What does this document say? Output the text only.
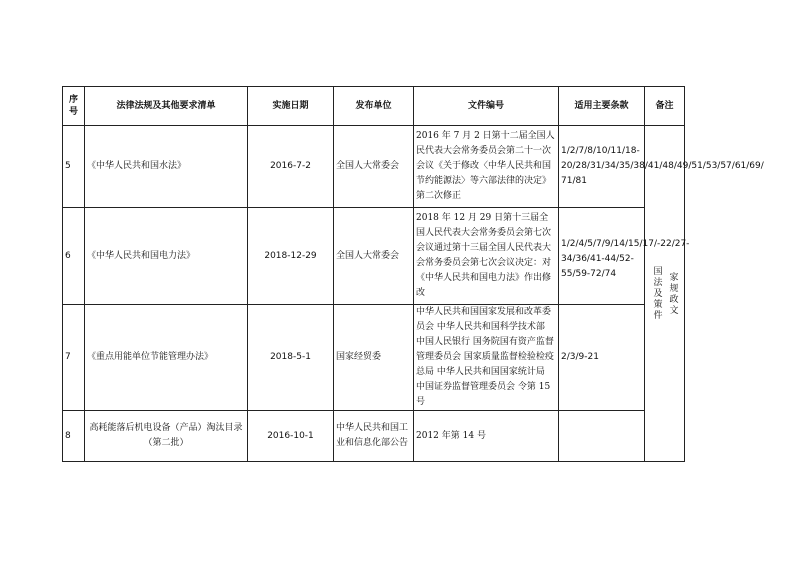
序
号	法律法规及其他要求清单	实施日期	发布单位	文件编号	适用主要条款	备注
5	《中华人民共和国水法》	2016-7-2	全国人大常委会	2016 年 7 月 2 日第十二届全国人民代表大会常务委员会第二十一次会议《关于修改〈中华人民共和国节约能源法〉等六部法律的决定》第二次修正	1/2/7/8/10/11/18-20/28/31/34/35/38/41/48/49/51/53/57/61/69/ 71/81	国法及策件 家规政文

6	《中华人民共和国电力法》	2018-12-29	全国人大常委会	2018 年 12 月 29 日第十三届全国人民代表大会常务委员会第七次会议通过第十三届全国人民代表大会常务委员会第七次会议决定：对《中华人民共和国电力法》作出修改	1/2/4/5/7/9/14/15/17/-22/27-34/36/41-44/52-55/59-72/74	
7	《重点用能单位节能管理办法》	2018-5-1	国家经贸委	中华人民共和国国家发展和改革委员会 中华人民共和国科学技术部 中国人民银行 国务院国有资产监督管理委员会 国家质量监督检验检疫总局 中华人民共和国国家统计局 中国证券监督管理委员会 令第 15 号	2/3/9-21	
8	高耗能落后机电设备（产品）淘汰目录（第二批）	2016-10-1	中华人民共和国工业和信息化部公告	2012 年第 14 号		
